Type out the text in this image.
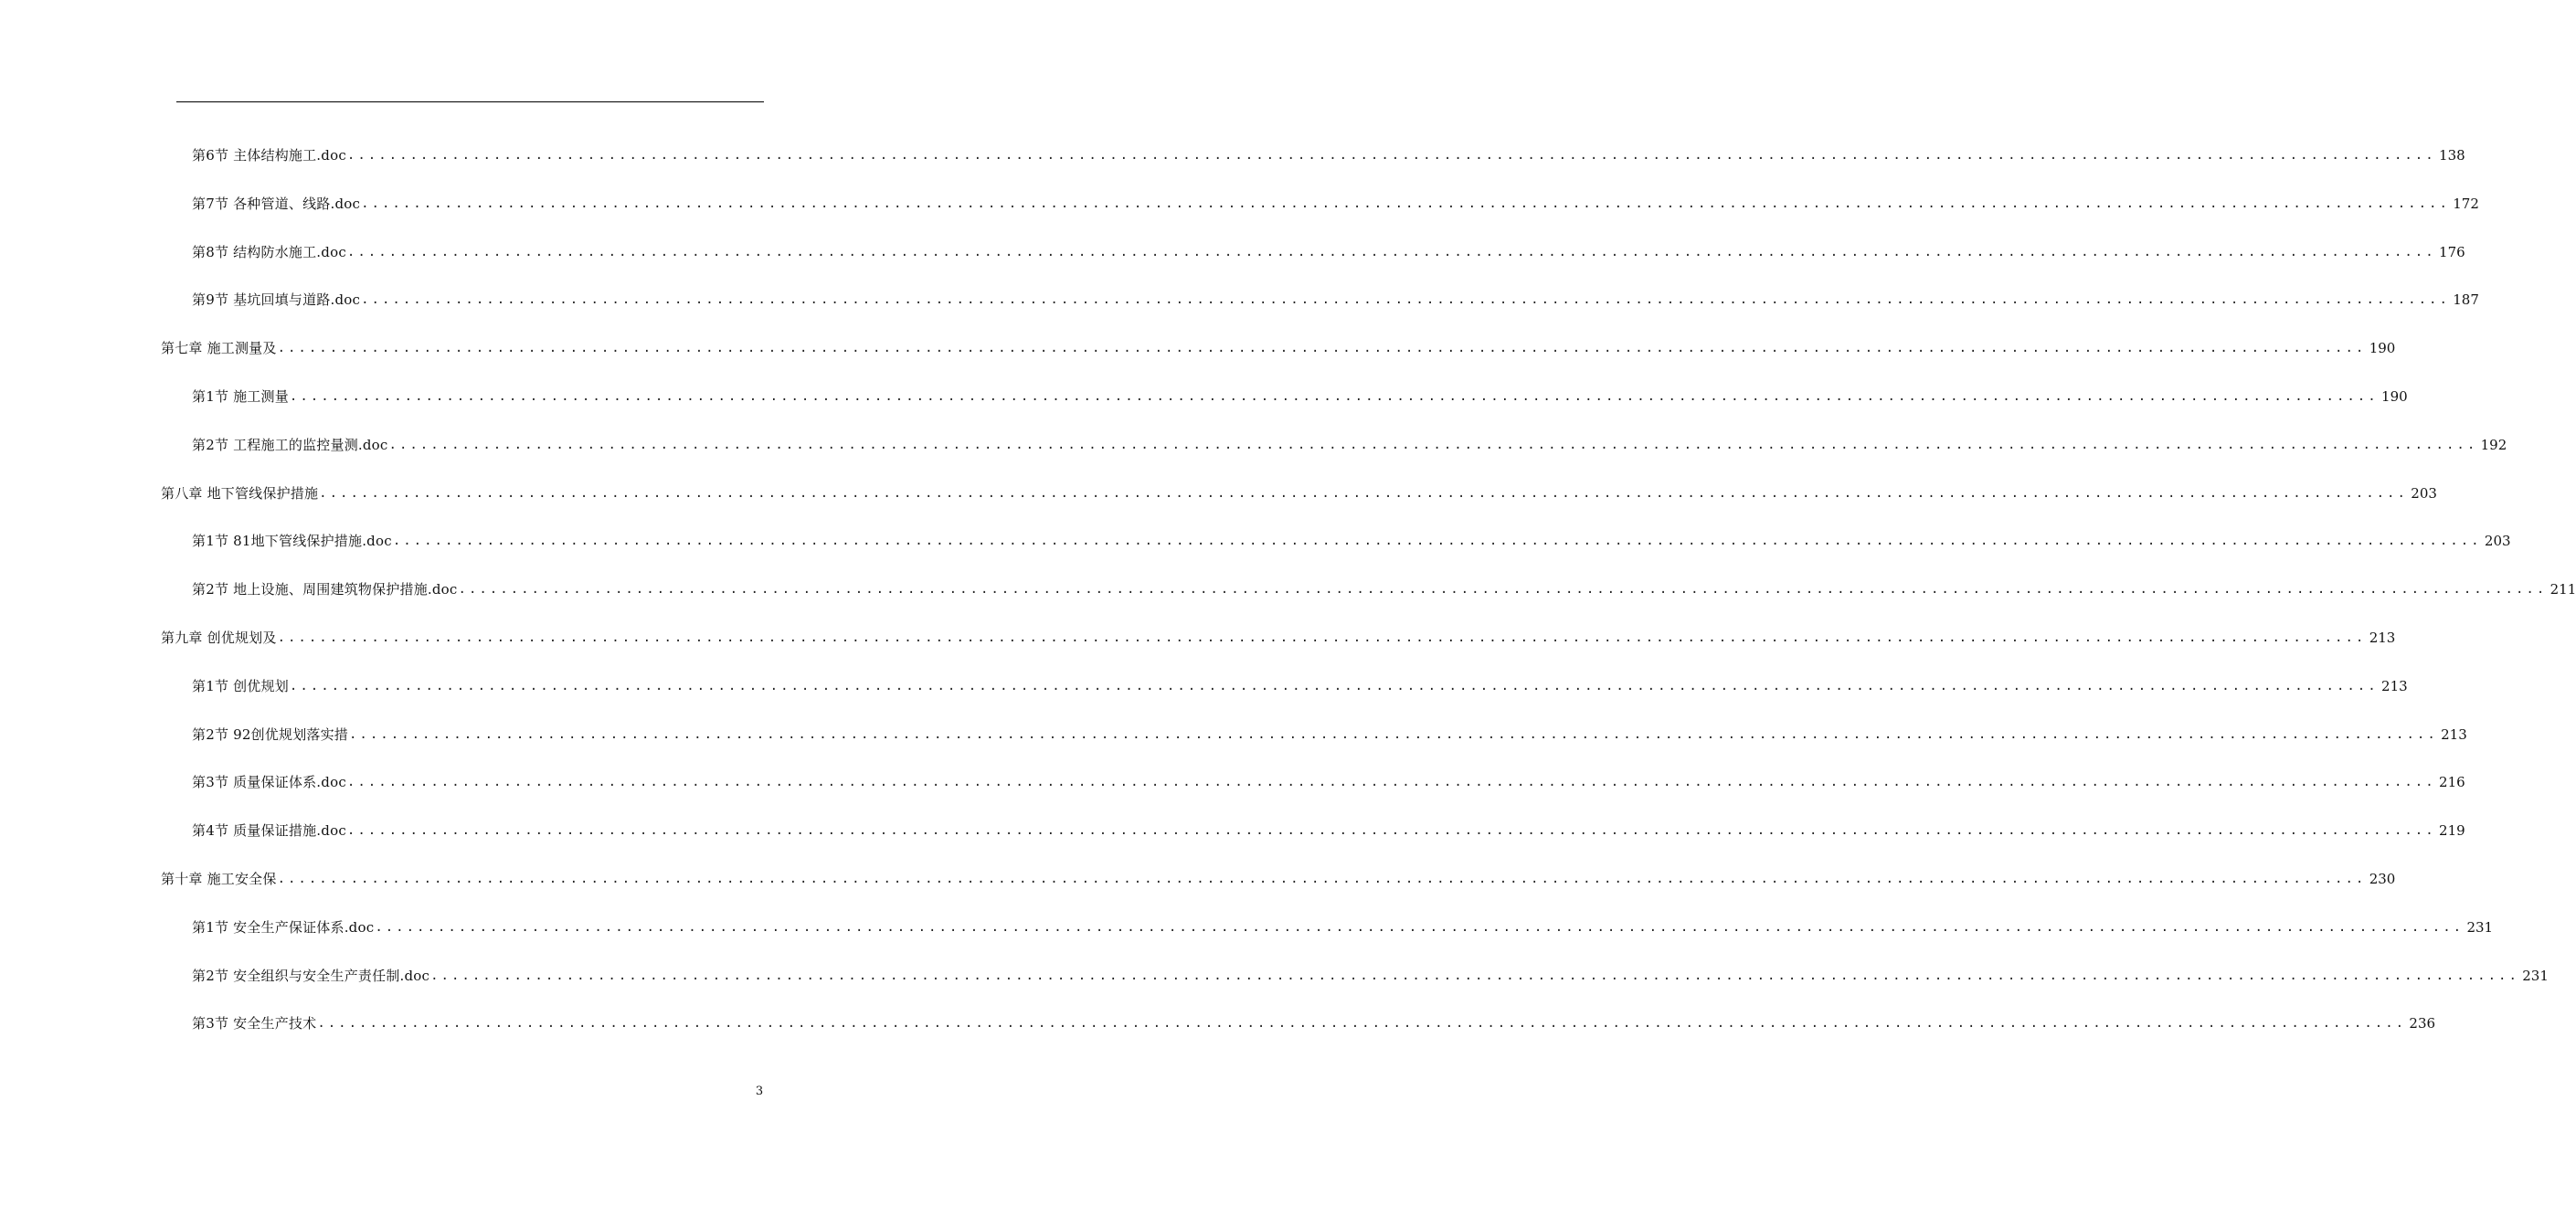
第6节 主体结构施工.doc ........................................................................................................................................................................................................ 138
第7节 各种管道、线路.doc ........................................................................................................................................................................................................ 172
第8节 结构防水施工.doc ........................................................................................................................................................................................................ 176
第9节 基坑回填与道路.doc ........................................................................................................................................................................................................ 187
第七章 施工测量及 ........................................................................................................................................................................................................ 190
第1节 施工测量 ........................................................................................................................................................................................................ 190
第2节 工程施工的监控量测.doc ........................................................................................................................................................................................................ 192
第八章 地下管线保护措施 ........................................................................................................................................................................................................ 203
第1节 81地下管线保护措施.doc ........................................................................................................................................................................................................ 203
第2节 地上设施、周围建筑物保护措施.doc ........................................................................................................................................................................................................ 211
第九章 创优规划及 ........................................................................................................................................................................................................ 213
第1节 创优规划 ........................................................................................................................................................................................................ 213
第2节 92创优规划落实措 ........................................................................................................................................................................................................ 213
第3节 质量保证体系.doc ........................................................................................................................................................................................................ 216
第4节 质量保证措施.doc ........................................................................................................................................................................................................ 219
第十章 施工安全保 ........................................................................................................................................................................................................ 230
第1节 安全生产保证体系.doc ........................................................................................................................................................................................................ 231
第2节 安全组织与安全生产责任制.doc ........................................................................................................................................................................................................ 231
第3节 安全生产技术 ........................................................................................................................................................................................................ 236
3
